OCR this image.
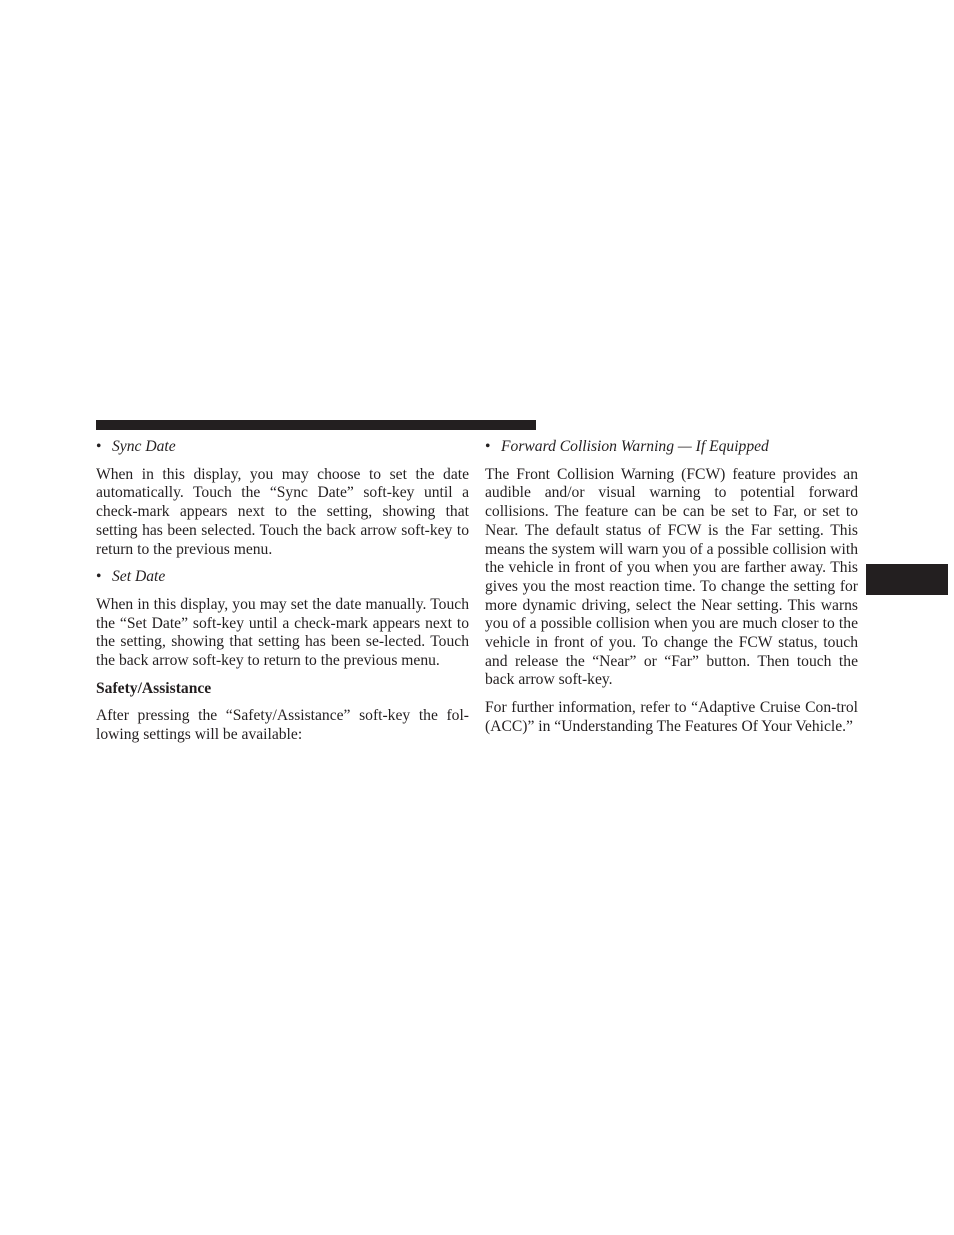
• Sync Date

When in this display, you may choose to set the date automatically. Touch the “Sync Date” soft-key until a check-mark appears next to the setting, showing that setting has been selected. Touch the back arrow soft-key to return to the previous menu.

• Set Date

When in this display, you may set the date manually. Touch the “Set Date” soft-key until a check-mark appears next to the setting, showing that setting has been se-lected. Touch the back arrow soft-key to return to the previous menu.

Safety/Assistance

After pressing the “Safety/Assistance” soft-key the fol-lowing settings will be available:

• Forward Collision Warning — If Equipped

The Front Collision Warning (FCW) feature provides an audible and/or visual warning to potential forward collisions. The feature can be can be set to Far, or set to Near. The default status of FCW is the Far setting. This means the system will warn you of a possible collision with the vehicle in front of you when you are farther away. This gives you the most reaction time. To change the setting for more dynamic driving, select the Near setting. This warns you of a possible collision when you are much closer to the vehicle in front of you. To change the FCW status, touch and release the “Near” or “Far” button. Then touch the back arrow soft-key.

For further information, refer to “Adaptive Cruise Con-trol (ACC)” in “Understanding The Features Of Your Vehicle.”
